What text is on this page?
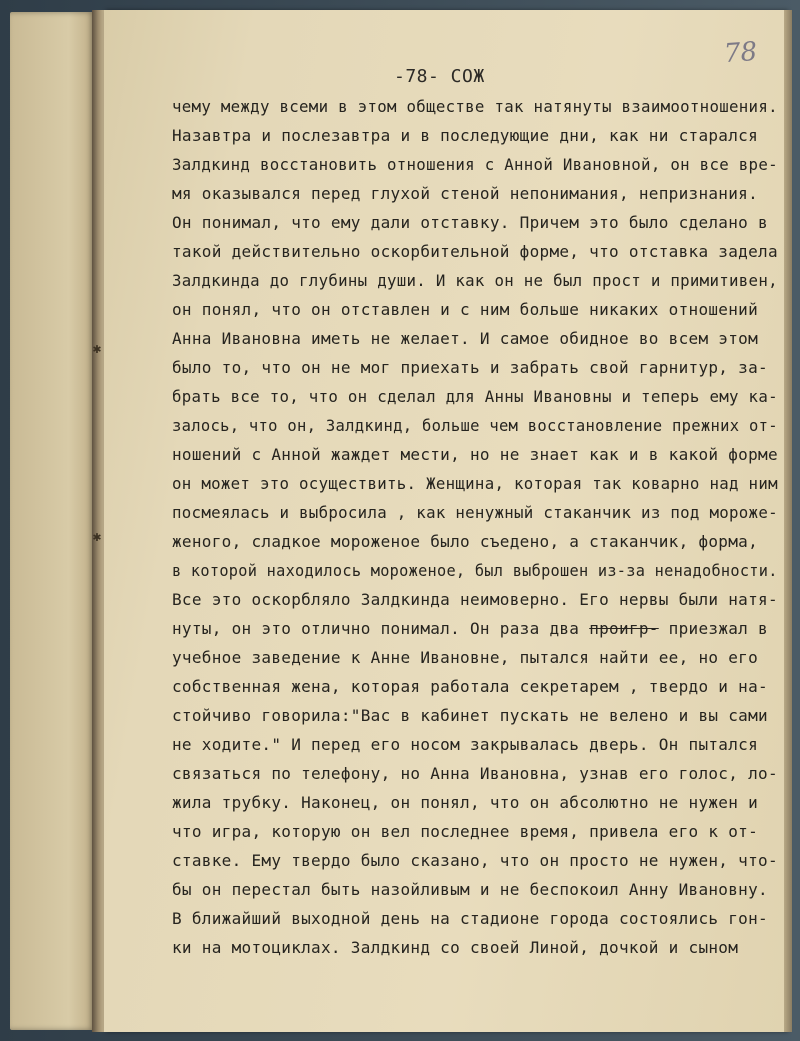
✱
✱
78
-78- СОЖ
чему между всеми в этом обществе так натянуты взаимоотношения.
Назавтра и послезавтра и в последующие дни, как ни старался
Залдкинд восстановить отношения с Анной Ивановной, он все вре-
мя оказывался перед глухой стеной непонимания, непризнания.
Он понимал, что ему дали отставку. Причем это было сделано в
такой действительно оскорбительной форме, что отставка задела
Залдкинда до глубины души. И как он не был прост и примитивен,
он понял, что он отставлен и с ним больше никаких отношений
Анна Ивановна иметь не желает. И самое обидное во всем этом
было то, что он не мог приехать и забрать свой гарнитур, за-
брать все то, что он сделал для Анны Ивановны и теперь ему ка-
залось, что он, Залдкинд, больше чем восстановление прежних от-
ношений с Анной жаждет мести, но не знает как и в какой форме
он может это осуществить. Женщина, которая так коварно над ним
посмеялась и выбросила , как ненужный стаканчик из под мороже-
женого, сладкое мороженое было съедено, а стаканчик, форма,
в которой находилось мороженое, был выброшен из-за ненадобности.
Все это оскорбляло Залдкинда неимоверно. Его нервы были натя-
нуты, он это отлично понимал. Он раза два проигр- приезжал в
учебное заведение к Анне Ивановне, пытался найти ее, но его
собственная жена, которая работала секретарем , твердо и на-
стойчиво говорила:"Вас в кабинет пускать не велено и вы сами
не ходите." И перед его носом закрывалась дверь. Он пытался
связаться по телефону, но Анна Ивановна, узнав его голос, ло-
жила трубку. Наконец, он понял, что он абсолютно не нужен и
что игра, которую он вел последнее время, привела его к от-
ставке. Ему твердо было сказано, что он просто не нужен, что-
бы он перестал быть назойливым и не беспокоил Анну Ивановну.
В ближайший выходной день на стадионе города состоялись гон-
ки на мотоциклах. Залдкинд со своей Линой, дочкой и сыном
